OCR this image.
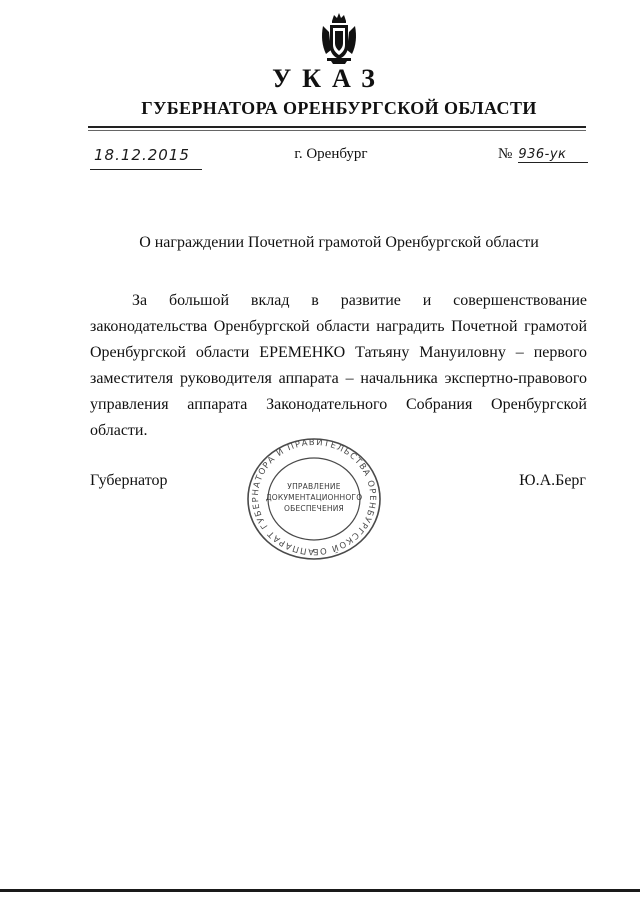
УКАЗ
ГУБЕРНАТОРА ОРЕНБУРГСКОЙ ОБЛАСТИ
18.12.2015	г. Оренбург	№ 936-ук
О награждении Почетной грамотой Оренбургской области

За большой вклад в развитие и совершенствование законодательства Оренбургской области наградить Почетной грамотой Оренбургской области ЕРЕМЕНКО Татьяну Мануиловну – первого заместителя руководителя аппарата – начальника экспертно-правового управления аппарата Законодательного Собрания Оренбургской области.

Губернатор
АППАРАТ ГУБЕРНАТОРА И ПРАВИТЕЛЬСТВА ОРЕНБУРГСКОЙ ОБ
УПРАВЛЕНИЕ
ДОКУМЕНТАЦИОННОГО
ОБЕСПЕЧЕНИЯ
Ю.А.Берг
